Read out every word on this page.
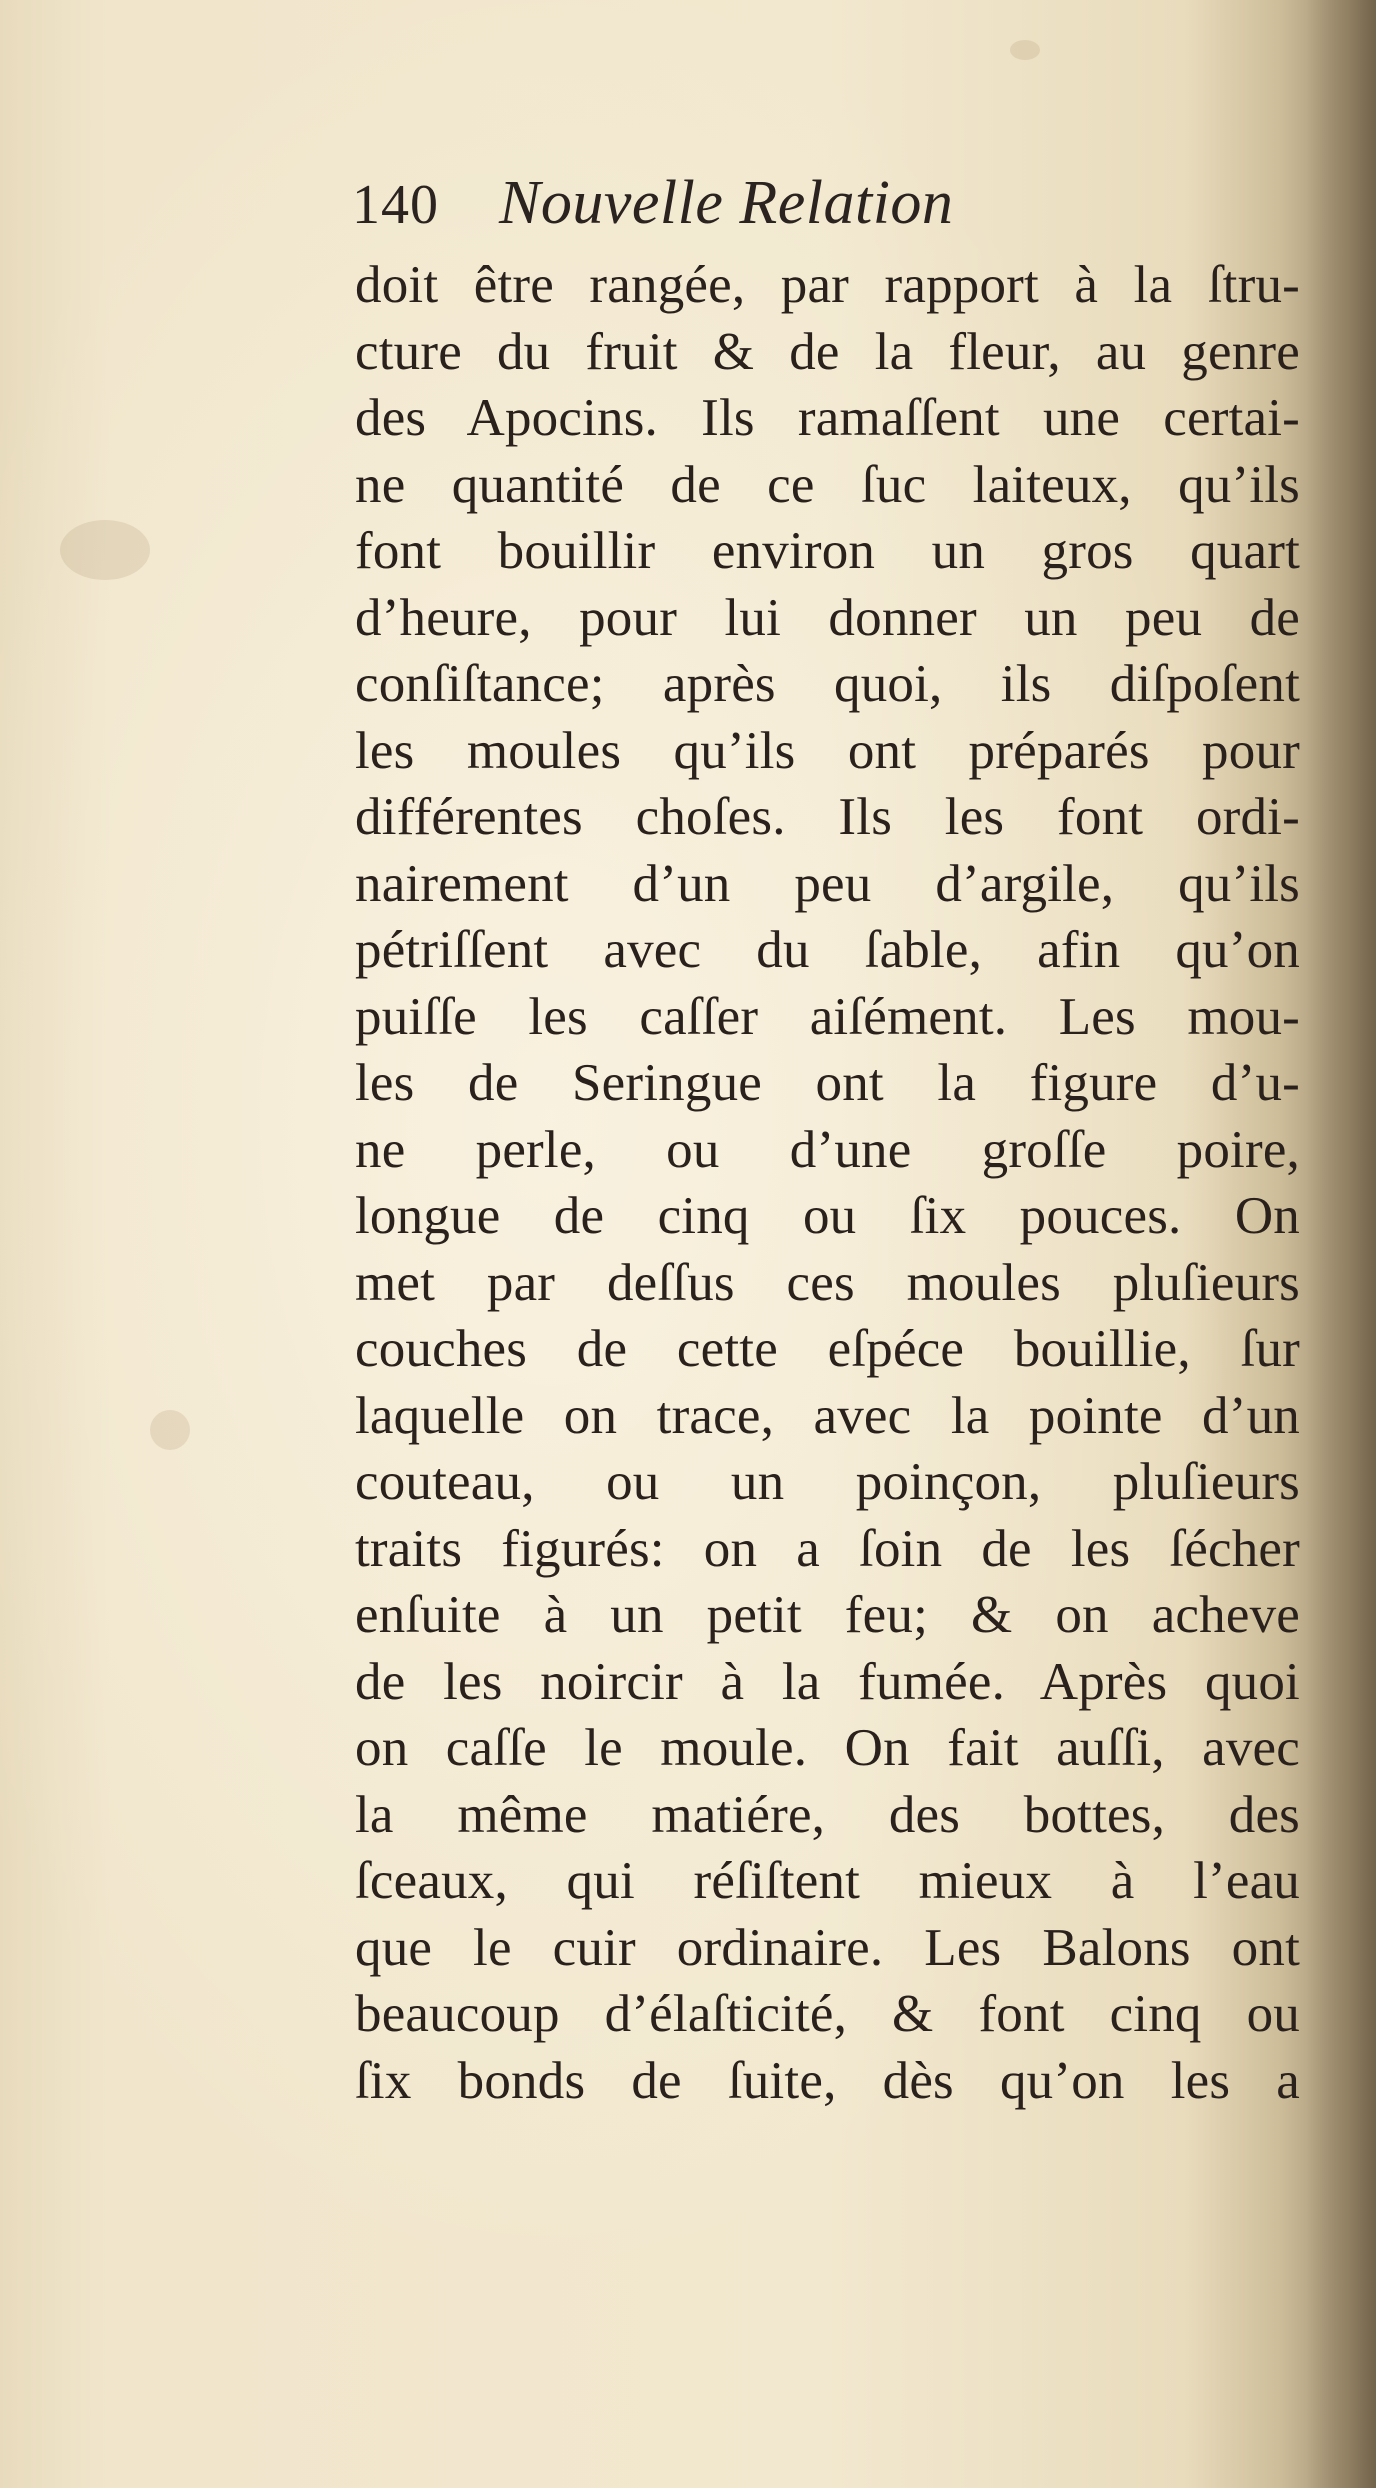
140 Nouvelle Relation
doit être rangée, par rapport à la ſtru-
cture du fruit & de la fleur, au genre
des Apocins. Ils ramaſſent une certai-
ne quantité de ce ſuc laiteux, qu’ils
font bouillir environ un gros quart
d’heure, pour lui donner un peu de
conſiſtance; après quoi, ils diſpoſent
les moules qu’ils ont préparés pour
différentes choſes. Ils les font ordi-
nairement d’un peu d’argile, qu’ils
pétriſſent avec du ſable, afin qu’on
puiſſe les caſſer aiſément. Les mou-
les de Seringue ont la figure d’u-
ne perle, ou d’une groſſe poire,
longue de cinq ou ſix pouces. On
met par deſſus ces moules pluſieurs
couches de cette eſpéce bouillie, ſur
laquelle on trace, avec la pointe d’un
couteau, ou un poinçon, pluſieurs
traits figurés: on a ſoin de les ſécher
enſuite à un petit feu; & on acheve
de les noircir à la fumée. Après quoi
on caſſe le moule. On fait auſſi, avec
la même matiére, des bottes, des
ſceaux, qui réſiſtent mieux à l’eau
que le cuir ordinaire. Les Balons ont
beaucoup d’élaſticité, & font cinq ou
ſix bonds de ſuite, dès qu’on les a
